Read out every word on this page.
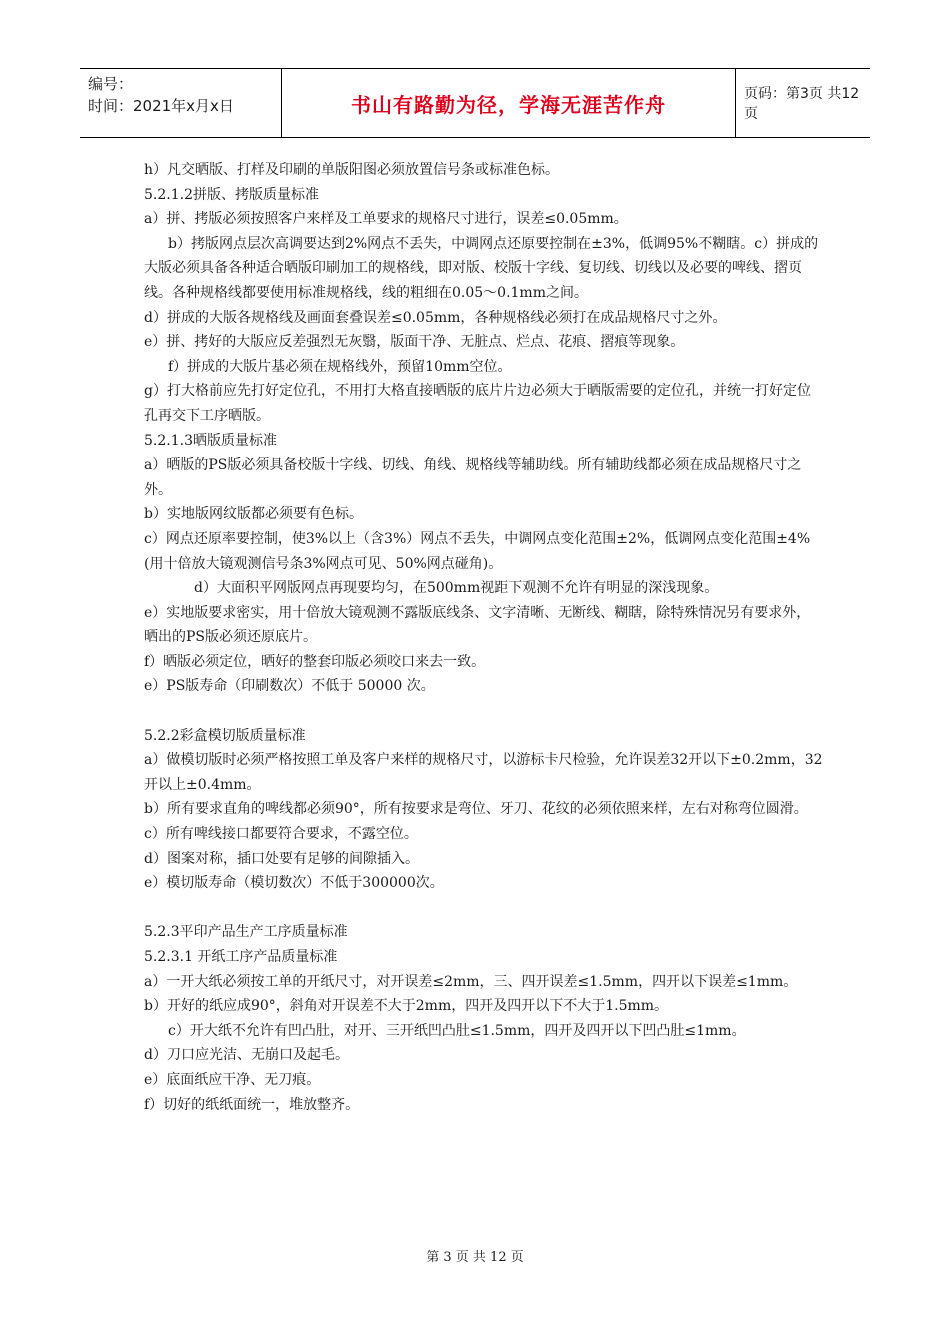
编号：
时间：2021年x月x日	书山有路勤为径，学海无涯苦作舟	页码：第3页 共12页

h）凡交晒版、打样及印刷的单版阳图必须放置信号条或标准色标。

5.2.1.2拼版、拷版质量标准

a）拼、拷版必须按照客户来样及工单要求的规格尺寸进行，误差≤0.05mm。

b）拷版网点层次高调要达到2%网点不丢失，中调网点还原要控制在±3%，低调95%不糊瞎。c）拼成的大版必须具备各种适合晒版印刷加工的规格线，即对版、校版十字线、复切线、切线以及必要的啤线、摺页线。各种规格线都要使用标准规格线，线的粗细在0.05～0.1mm之间。

d）拼成的大版各规格线及画面套叠误差≤0.05mm，各种规格线必须打在成品规格尺寸之外。

e）拼、拷好的大版应反差强烈无灰翳，版面干净、无脏点、烂点、花痕、摺痕等现象。

f）拼成的大版片基必须在规格线外，预留10mm空位。

g）打大格前应先打好定位孔，不用打大格直接晒版的底片片边必须大于晒版需要的定位孔，并统一打好定位孔再交下工序晒版。

5.2.1.3晒版质量标准

a）晒版的PS版必须具备校版十字线、切线、角线、规格线等辅助线。所有辅助线都必须在成品规格尺寸之外。

b）实地版网纹版都必须要有色标。

c）网点还原率要控制，使3%以上（含3%）网点不丢失，中调网点变化范围±2%，低调网点变化范围±4%(用十倍放大镜观测信号条3%网点可见、50%网点碰角)。

d）大面积平网版网点再现要均匀，在500mm视距下观测不允许有明显的深浅现象。

e）实地版要求密实，用十倍放大镜观测不露版底线条、文字清晰、无断线、糊瞎，除特殊情况另有要求外，晒出的PS版必须还原底片。

f）晒版必须定位，晒好的整套印版必须咬口来去一致。

e）PS版寿命（印刷数次）不低于 50000 次。

5.2.2彩盒模切版质量标准

a）做模切版时必须严格按照工单及客户来样的规格尺寸，以游标卡尺检验，允许误差32开以下±0.2mm，32开以上±0.4mm。

b）所有要求直角的啤线都必须90°，所有按要求是弯位、牙刀、花纹的必须依照来样，左右对称弯位圆滑。

c）所有啤线接口都要符合要求，不露空位。

d）图案对称，插口处要有足够的间隙插入。

e）模切版寿命（模切数次）不低于300000次。

5.2.3平印产品生产工序质量标准

5.2.3.1 开纸工序产品质量标准

a）一开大纸必须按工单的开纸尺寸，对开误差≤2mm，三、四开误差≤1.5mm，四开以下误差≤1mm。

b）开好的纸应成90°，斜角对开误差不大于2mm，四开及四开以下不大于1.5mm。

c）开大纸不允许有凹凸肚，对开、三开纸凹凸肚≤1.5mm，四开及四开以下凹凸肚≤1mm。

d）刀口应光洁、无崩口及起毛。

e）底面纸应干净、无刀痕。

f）切好的纸纸面统一，堆放整齐。

第 3 页 共 12 页
